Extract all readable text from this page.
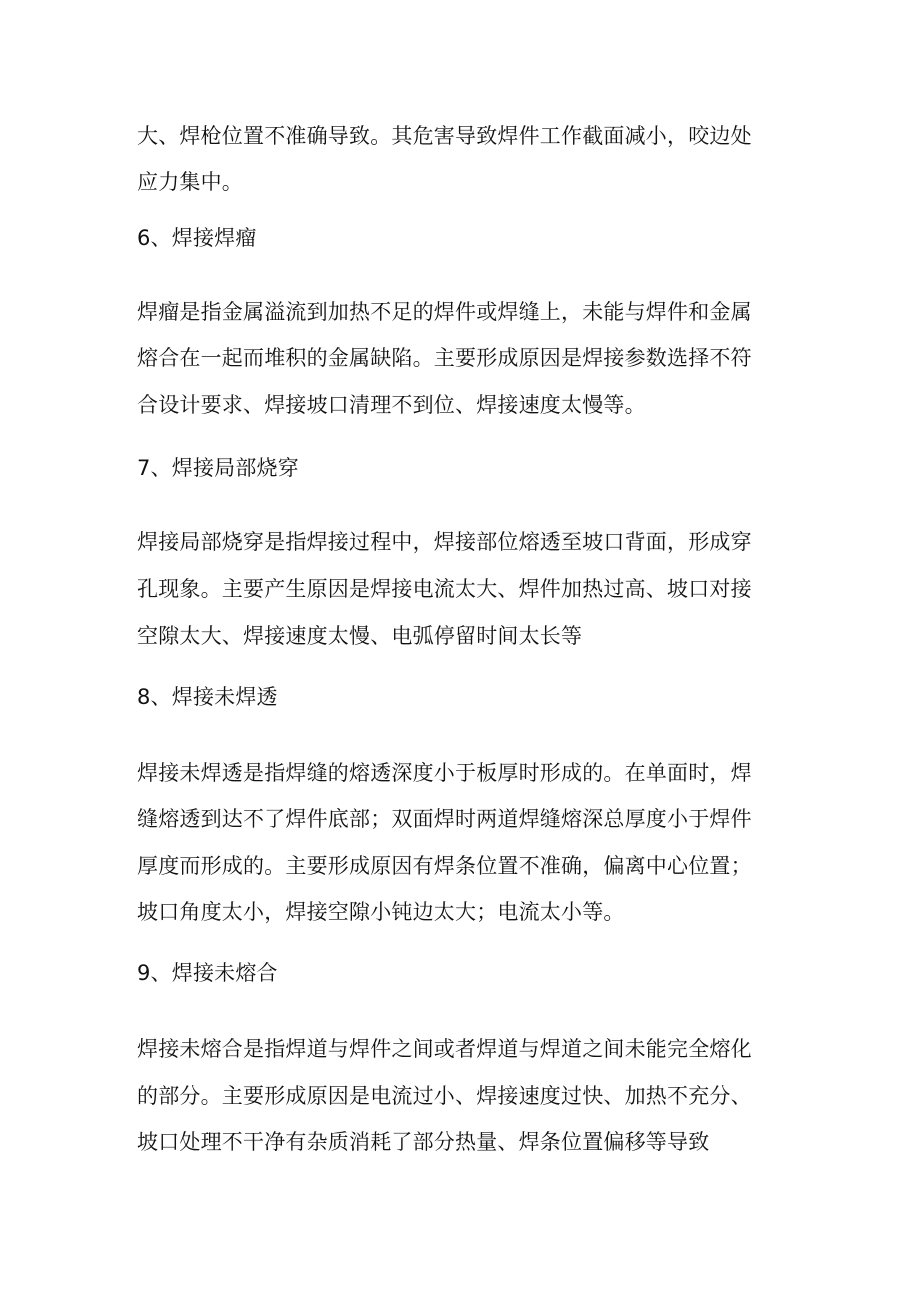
大、焊枪位置不准确导致。其危害导致焊件工作截面减小，咬边处
应力集中。
6、焊接焊瘤
焊瘤是指金属溢流到加热不足的焊件或焊缝上，未能与焊件和金属
熔合在一起而堆积的金属缺陷。主要形成原因是焊接参数选择不符
合设计要求、焊接坡口清理不到位、焊接速度太慢等。
7、焊接局部烧穿
焊接局部烧穿是指焊接过程中，焊接部位熔透至坡口背面，形成穿
孔现象。主要产生原因是焊接电流太大、焊件加热过高、坡口对接
空隙太大、焊接速度太慢、电弧停留时间太长等
8、焊接未焊透
焊接未焊透是指焊缝的熔透深度小于板厚时形成的。在单面时，焊
缝熔透到达不了焊件底部；双面焊时两道焊缝熔深总厚度小于焊件
厚度而形成的。主要形成原因有焊条位置不准确，偏离中心位置；
坡口角度太小，焊接空隙小钝边太大；电流太小等。
9、焊接未熔合
焊接未熔合是指焊道与焊件之间或者焊道与焊道之间未能完全熔化
的部分。主要形成原因是电流过小、焊接速度过快、加热不充分、
坡口处理不干净有杂质消耗了部分热量、焊条位置偏移等导致
